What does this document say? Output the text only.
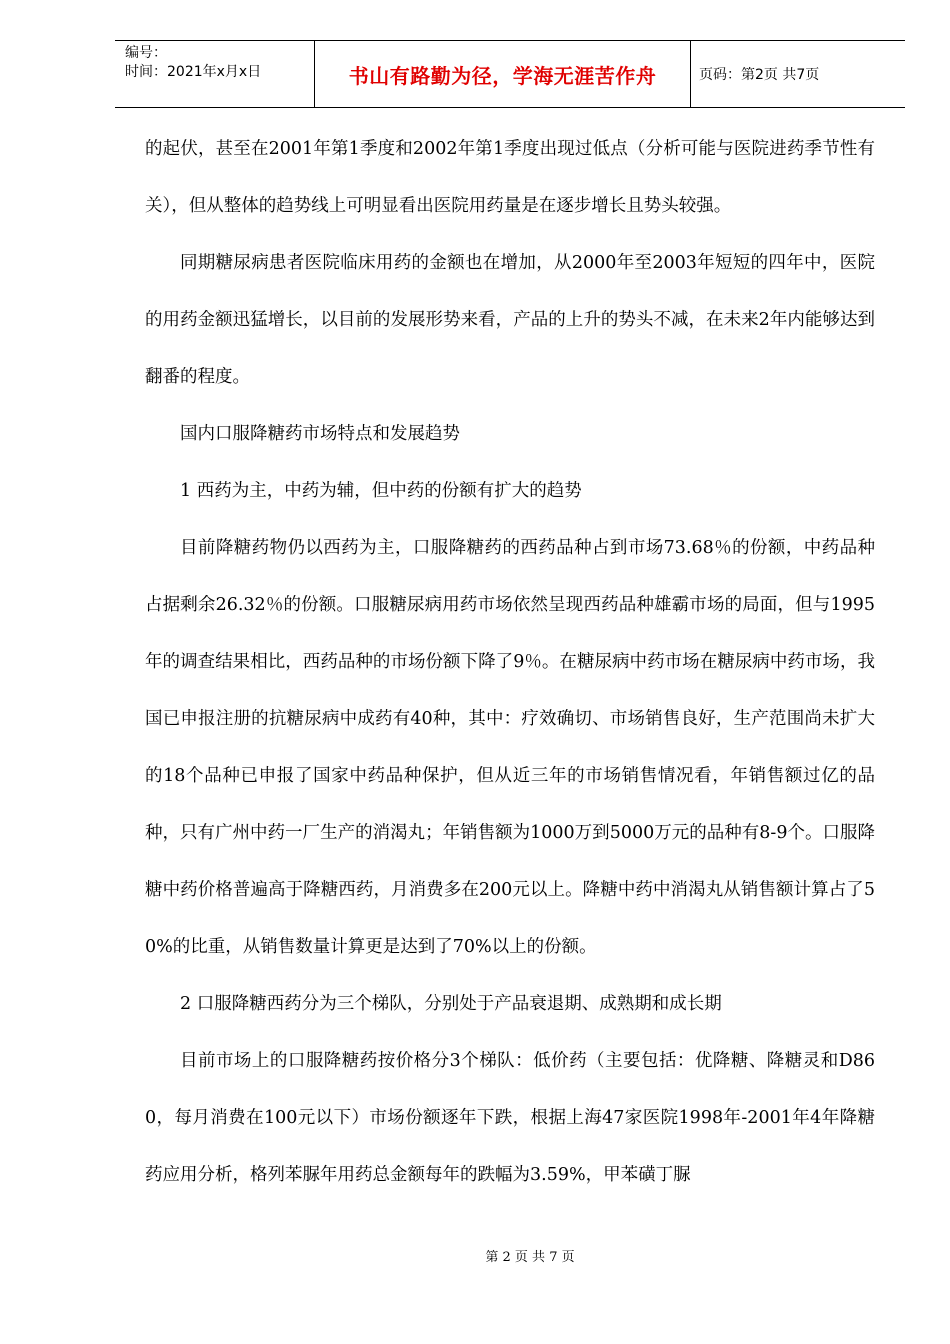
编号：
时间：2021年x月x日	书山有路勤为径，学海无涯苦作舟	页码：第2页 共7页

的起伏，甚至在2001年第1季度和2002年第1季度出现过低点（分析可能与医院进药季节性有关），但从整体的趋势线上可明显看出医院用药量是在逐步增长且势头较强。

同期糖尿病患者医院临床用药的金额也在增加，从2000年至2003年短短的四年中，医院的用药金额迅猛增长，以目前的发展形势来看，产品的上升的势头不减，在未来2年内能够达到翻番的程度。

国内口服降糖药市场特点和发展趋势

1 西药为主，中药为辅，但中药的份额有扩大的趋势

目前降糖药物仍以西药为主，口服降糖药的西药品种占到市场73.68％的份额，中药品种占据剩余26.32％的份额。口服糖尿病用药市场依然呈现西药品种雄霸市场的局面，但与1995年的调查结果相比，西药品种的市场份额下降了9％。在糖尿病中药市场在糖尿病中药市场，我国已申报注册的抗糖尿病中成药有40种，其中：疗效确切、市场销售良好，生产范围尚未扩大的18个品种已申报了国家中药品种保护，但从近三年的市场销售情况看，年销售额过亿的品种，只有广州中药一厂生产的消渴丸；年销售额为1000万到5000万元的品种有8-9个。口服降糖中药价格普遍高于降糖西药，月消费多在200元以上。降糖中药中消渴丸从销售额计算占了50%的比重，从销售数量计算更是达到了70%以上的份额。

2 口服降糖西药分为三个梯队，分别处于产品衰退期、成熟期和成长期

目前市场上的口服降糖药按价格分3个梯队：低价药（主要包括：优降糖、降糖灵和D860，每月消费在100元以下）市场份额逐年下跌，根据上海47家医院1998年-2001年4年降糖药应用分析，格列苯脲年用药总金额每年的跌幅为3.59%，甲苯磺丁脲

第 2 页 共 7 页
